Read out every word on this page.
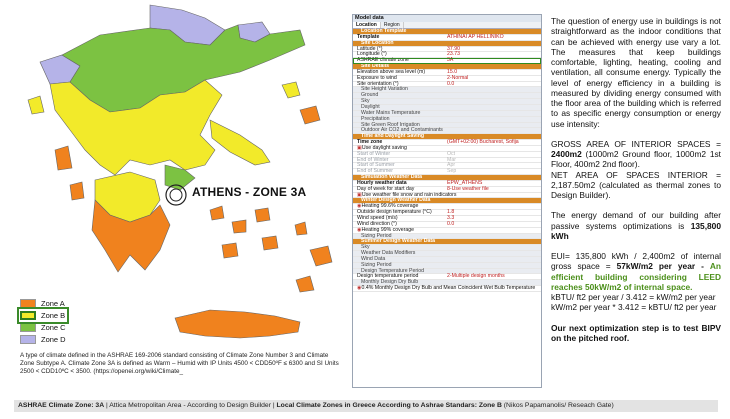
ATHENS - ZONE 3A
Zone A
Zone B
Zone C
Zone D
A type of climate defined in the ASHRAE 169-2006 standard consisting of Climate Zone Number 3 and Climate Zone Subtype A. Climate Zone 3A is defined as Warm – Humid with IP Units 4500 < CDD50ºF ≤ 6300 and SI Units 2500 < CDD10ºC < 3500. (https://openei.org/wiki/Climate_
Model data
Location	Region
Location Template
Template	ATHINAI AP HELLINIKO
Site Location
Latitude (°)	37.90
Longitude (°)	23.73
ASHRAE climate zone	3A
Site Details
Elevation above sea level (m)	15.0
Exposure to wind	2-Normal
Site orientation (°)	0.0
Site Height Variation
Ground
Sky
Daylight
Water Mains Temperature
Precipitation
Site Green Roof Irrigation
Outdoor Air CO2 and Contaminants
Time and Daylight Saving
Time zone	(GMT+02:00) Bucharest, Sofija
▣ Use daylight saving
Start of Winter	Oct
End of Winter	Mar
Start of Summer	Apr
End of Summer	Sep
Simulation Weather Data
Hourly weather data	EPW_ATHENS
Day of week for start day	8-Use weather file
▣ Use weather file snow and rain indicators
Winter Design Weather Data
◉ Heating 99.6% coverage
Outside design temperature (°C)	1.8
Wind speed (m/s)	3.3
Wind direction (°)	0.0
◉ Heating 99% coverage
Sizing Period
Summer Design Weather Data
Sky
Weather Data Modifiers
Wind Data
Sizing Period
Design Temperature Period
Design temperature period	2-Multiple design months
Monthly Design Dry Bulb
◉ 0.4% Monthly Design Dry Bulb and Mean Coincident Wet Bulb Temperature

The question of energy use in buildings is not straightforward as the indoor conditions that can be achieved with energy use vary a lot. The measures that keep buildings comfortable, lighting, heating, cooling and ventilation, all consume energy. Typically the level of energy efficiency in a building is measured by dividing energy consumed with the floor area of the building which is referred to as specific energy consumption or energy use intensity:

GROSS AREA OF INTERIOR SPACES = 2400m2 (1000m2 Ground floor, 1000m2 1st Floor, 400m2 2nd floor).

NET AREA OF SPACES INTERIOR = 2,187.50m2 (calculated as thermal zones to Design Builder).

The energy demand of our building after passive systems optimizations is 135,800 kWh

EUI= 135,800 kWh / 2,400m2 of internal gross space = 57kW/m2 per year - An efficient building considering LEED reaches 50kW/m2 of internal space.

kBTU/ ft2 per year / 3.412 = kW/m2 per year

kW/m2 per year * 3.412 = kBTU/ ft2 per year

Our next optimization step is to test BIPV on the pitched roof.

ASHRAE Climate Zone: 3A | Attica Metropolitan Area - According to Design Builder | Local Climate Zones in Greece According to Ashrae Standars: Zone B (Nikos Papamanolis/ Reseach Gate)
